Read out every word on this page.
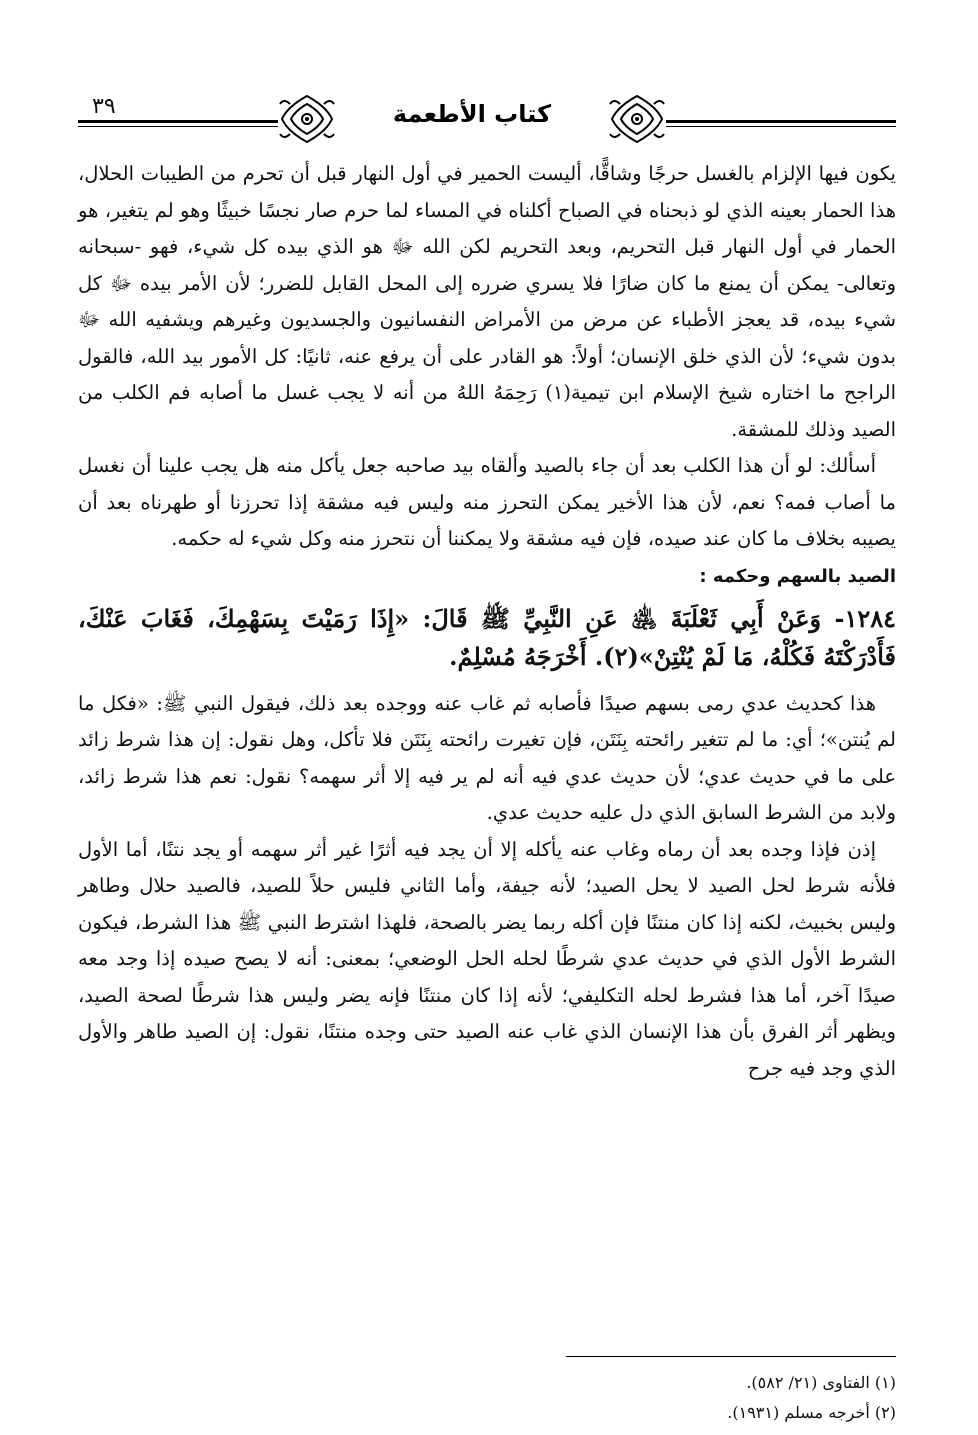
٣٩	كتاب الأطعمة

يكون فيها الإلزام بالغسل حرجًا وشاقًّا، أليست الحمير في أول النهار قبل أن تحرم من الطيبات الحلال، هذا الحمار بعينه الذي لو ذبحناه في الصباح أكلناه في المساء لما حرم صار نجسًا خبيثًا وهو لم يتغير، هو الحمار في أول النهار قبل التحريم، وبعد التحريم لكن الله ﷻ هو الذي بيده كل شيء، فهو -سبحانه وتعالى- يمكن أن يمنع ما كان ضارًا فلا يسري ضرره إلى المحل القابل للضرر؛ لأن الأمر بيده ﷻ كل شيء بيده، قد يعجز الأطباء عن مرض من الأمراض النفسانيون والجسديون وغيرهم ويشفيه الله ﷻ بدون شيء؛ لأن الذي خلق الإنسان؛ أولاً: هو القادر على أن يرفع عنه، ثانيًا: كل الأمور بيد الله، فالقول الراجح ما اختاره شيخ الإسلام ابن تيمية(١) رَحِمَهُ اللهُ من أنه لا يجب غسل ما أصابه فم الكلب من الصيد وذلك للمشقة.

أسألك: لو أن هذا الكلب بعد أن جاء بالصيد وألقاه بيد صاحبه جعل يأكل منه هل يجب علينا أن نغسل ما أصاب فمه؟ نعم، لأن هذا الأخير يمكن التحرز منه وليس فيه مشقة إذا تحرزنا أو طهرناه بعد أن يصيبه بخلاف ما كان عند صيده، فإن فيه مشقة ولا يمكننا أن نتحرز منه وكل شيء له حكمه.

الصيد بالسهم وحكمه :
١٢٨٤- وَعَنْ أَبِي ثَعْلَبَةَ ﵁ عَنِ النَّبِيِّ ﷺ قَالَ: «إِذَا رَمَيْتَ بِسَهْمِكَ، فَغَابَ عَنْكَ، فَأَدْرَكْتَهُ فَكُلْهُ، مَا لَمْ يُنْتِنْ»(٢). أَخْرَجَهُ مُسْلِمٌ.

هذا كحديث عدي رمى بسهم صيدًا فأصابه ثم غاب عنه ووجده بعد ذلك، فيقول النبي ﷺ: «فكل ما لم يُنتن»؛ أي: ما لم تتغير رائحته بِنَتَن، فإن تغيرت رائحته بِنَتَن فلا تأكل، وهل نقول: إن هذا شرط زائد على ما في حديث عدي؛ لأن حديث عدي فيه أنه لم ير فيه إلا أثر سهمه؟ نقول: نعم هذا شرط زائد، ولابد من الشرط السابق الذي دل عليه حديث عدي.

إذن فإذا وجده بعد أن رماه وغاب عنه يأكله إلا أن يجد فيه أثرًا غير أثر سهمه أو يجد نتنًا، أما الأول فلأنه شرط لحل الصيد لا يحل الصيد؛ لأنه جيفة، وأما الثاني فليس حلاً للصيد، فالصيد حلال وطاهر وليس بخبيث، لكنه إذا كان منتنًا فإن أكله ربما يضر بالصحة، فلهذا اشترط النبي ﷺ هذا الشرط، فيكون الشرط الأول الذي في حديث عدي شرطًا لحله الحل الوضعي؛ بمعنى: أنه لا يصح صيده إذا وجد معه صيدًا آخر، أما هذا فشرط لحله التكليفي؛ لأنه إذا كان منتنًا فإنه يضر وليس هذا شرطًا لصحة الصيد، ويظهر أثر الفرق بأن هذا الإنسان الذي غاب عنه الصيد حتى وجده منتنًا، نقول: إن الصيد طاهر والأول الذي وجد فيه جرح

(١) الفتاوى (٢١/ ٥٨٢).
(٢) أخرجه مسلم (١٩٣١).
